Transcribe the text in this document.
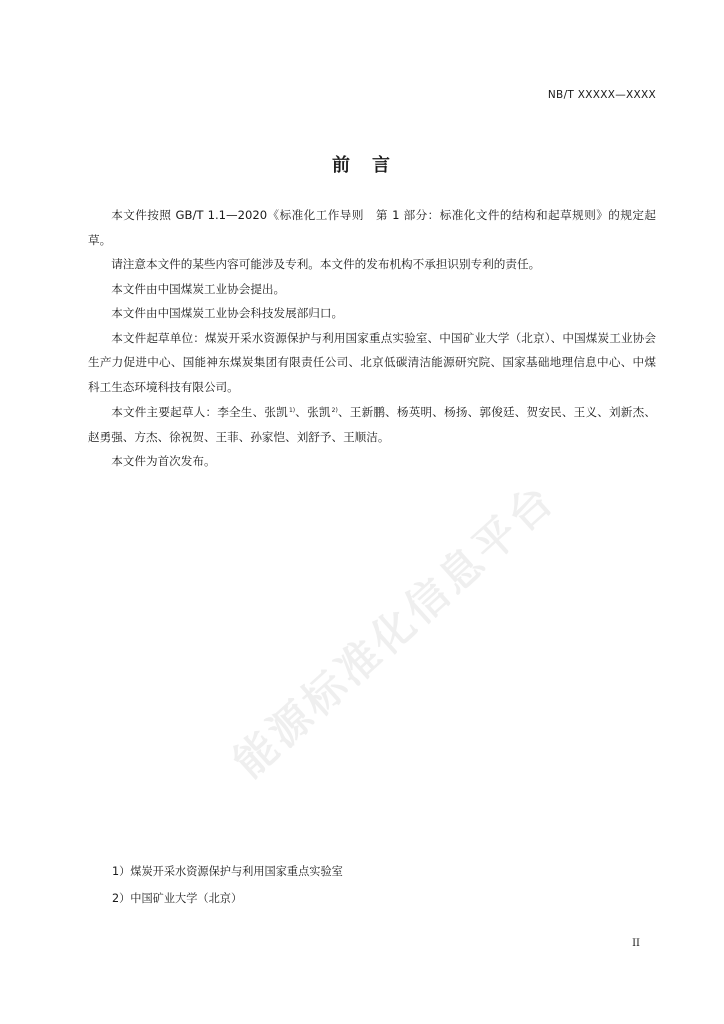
NB/T XXXXX—XXXX
前　言

本文件按照 GB/T 1.1—2020《标准化工作导则　第 1 部分：标准化文件的结构和起草规则》的规定起草。

请注意本文件的某些内容可能涉及专利。本文件的发布机构不承担识别专利的责任。

本文件由中国煤炭工业协会提出。

本文件由中国煤炭工业协会科技发展部归口。

本文件起草单位：煤炭开采水资源保护与利用国家重点实验室、中国矿业大学（北京）、中国煤炭工业协会生产力促进中心、国能神东煤炭集团有限责任公司、北京低碳清洁能源研究院、国家基础地理信息中心、中煤科工生态环境科技有限公司。

本文件主要起草人：李全生、张凯$^{1)}$、张凯$^{2)}$、王新鹏、杨英明、杨扬、郭俊廷、贺安民、王义、刘新杰、赵勇强、方杰、徐祝贺、王菲、孙家恺、刘舒予、王顺洁。

本文件为首次发布。

能源标准化信息平台
1）煤炭开采水资源保护与利用国家重点实验室
2）中国矿业大学（北京）
II
